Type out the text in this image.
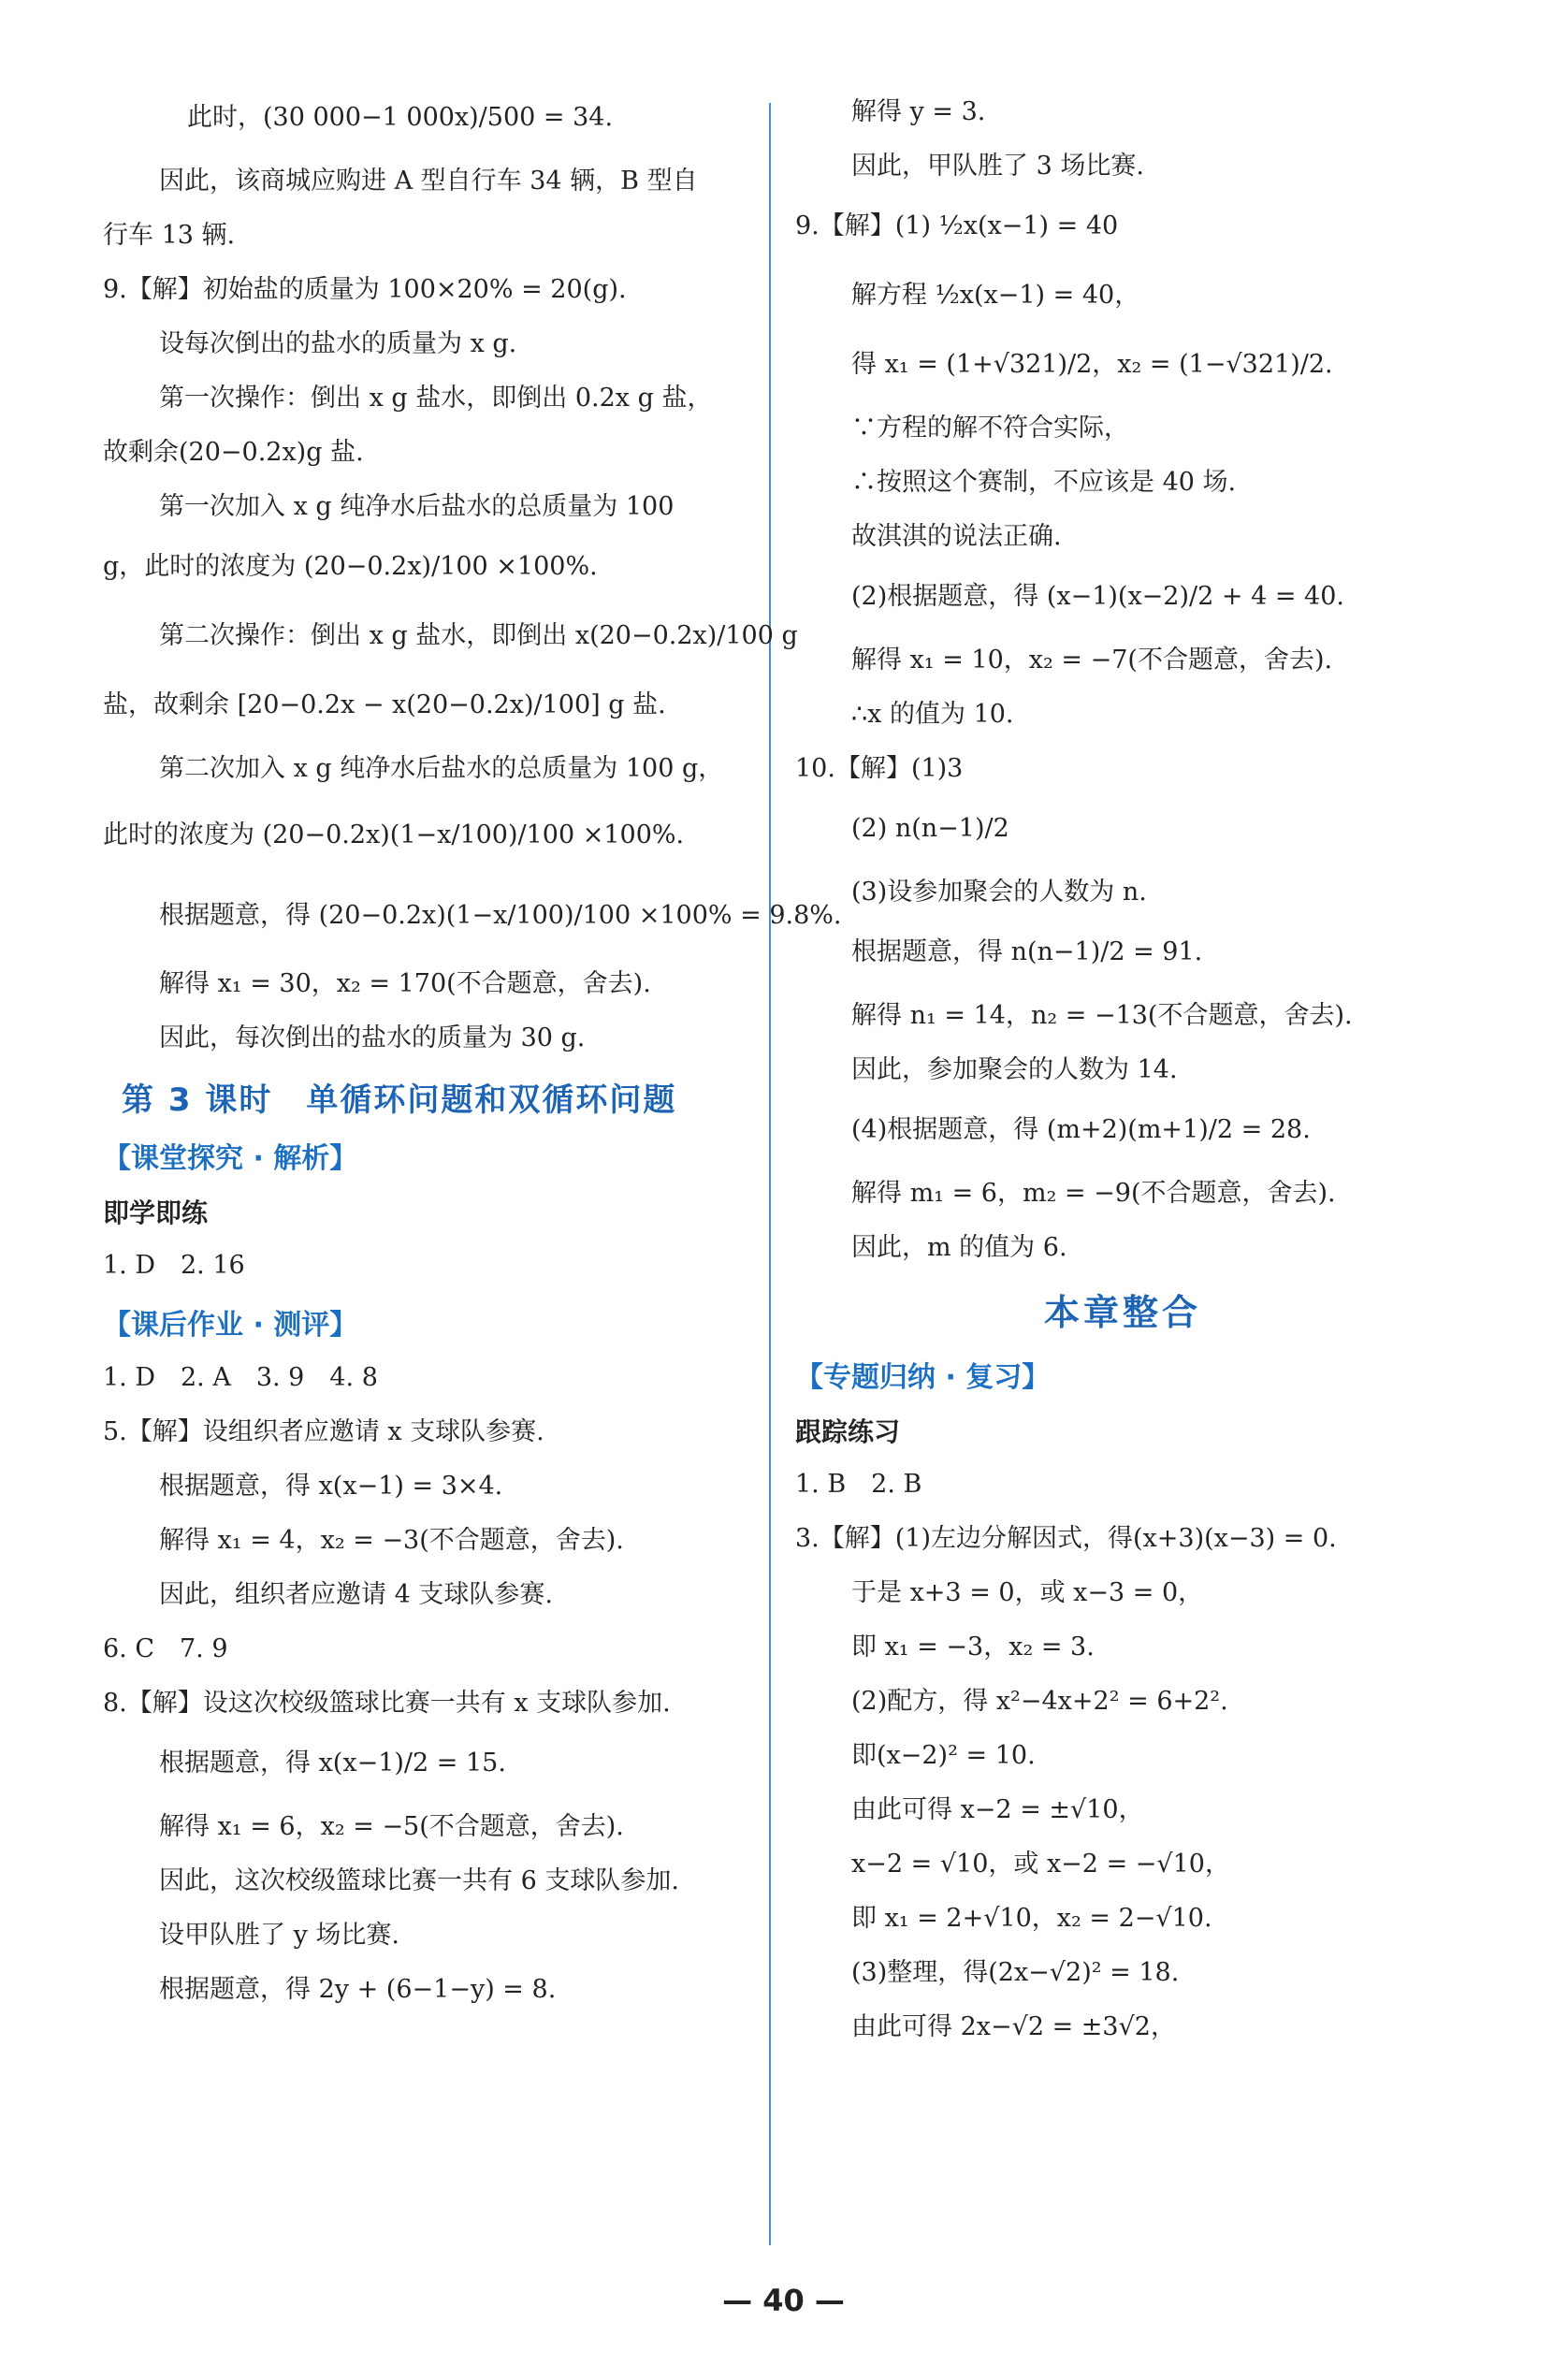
此时，(30 000−1 000x)/500 = 34.

因此，该商城应购进 A 型自行车 34 辆，B 型自

行车 13 辆.

9.【解】初始盐的质量为 100×20% = 20(g).

设每次倒出的盐水的质量为 x g.

第一次操作：倒出 x g 盐水，即倒出 0.2x g 盐，

故剩余(20−0.2x)g 盐.

第一次加入 x g 纯净水后盐水的总质量为 100

g，此时的浓度为 (20−0.2x)/100 ×100%.

第二次操作：倒出 x g 盐水，即倒出 x(20−0.2x)/100 g

盐，故剩余 [20−0.2x − x(20−0.2x)/100] g 盐.

第二次加入 x g 纯净水后盐水的总质量为 100 g，

此时的浓度为 (20−0.2x)(1−x/100)/100 ×100%.

根据题意，得 (20−0.2x)(1−x/100)/100 ×100% = 9.8%.

解得 x₁ = 30，x₂ = 170(不合题意，舍去).

因此，每次倒出的盐水的质量为 30 g.

第 3 课时　单循环问题和双循环问题
【课堂探究 · 解析】
即学即练

1. D　2. 16

【课后作业 · 测评】

1. D　2. A　3. 9　4. 8

5.【解】设组织者应邀请 x 支球队参赛.

根据题意，得 x(x−1) = 3×4.

解得 x₁ = 4，x₂ = −3(不合题意，舍去).

因此，组织者应邀请 4 支球队参赛.

6. C　7. 9

8.【解】设这次校级篮球比赛一共有 x 支球队参加.

根据题意，得 x(x−1)/2 = 15.

解得 x₁ = 6，x₂ = −5(不合题意，舍去).

因此，这次校级篮球比赛一共有 6 支球队参加.

设甲队胜了 y 场比赛.

根据题意，得 2y + (6−1−y) = 8.

解得 y = 3.

因此，甲队胜了 3 场比赛.

9.【解】(1) ½x(x−1) = 40

解方程 ½x(x−1) = 40，

得 x₁ = (1+√321)/2，x₂ = (1−√321)/2.

∵方程的解不符合实际，

∴按照这个赛制，不应该是 40 场.

故淇淇的说法正确.

(2)根据题意，得 (x−1)(x−2)/2 + 4 = 40.

解得 x₁ = 10，x₂ = −7(不合题意，舍去).

∴x 的值为 10.

10.【解】(1)3

(2) n(n−1)/2

(3)设参加聚会的人数为 n.

根据题意，得 n(n−1)/2 = 91.

解得 n₁ = 14，n₂ = −13(不合题意，舍去).

因此，参加聚会的人数为 14.

(4)根据题意，得 (m+2)(m+1)/2 = 28.

解得 m₁ = 6，m₂ = −9(不合题意，舍去).

因此，m 的值为 6.

本章整合
【专题归纳 · 复习】
跟踪练习

1. B　2. B

3.【解】(1)左边分解因式，得(x+3)(x−3) = 0.

于是 x+3 = 0，或 x−3 = 0，

即 x₁ = −3，x₂ = 3.

(2)配方，得 x²−4x+2² = 6+2².

即(x−2)² = 10.

由此可得 x−2 = ±√10，

x−2 = √10，或 x−2 = −√10，

即 x₁ = 2+√10，x₂ = 2−√10.

(3)整理，得(2x−√2)² = 18.

由此可得 2x−√2 = ±3√2，

— 40 —
